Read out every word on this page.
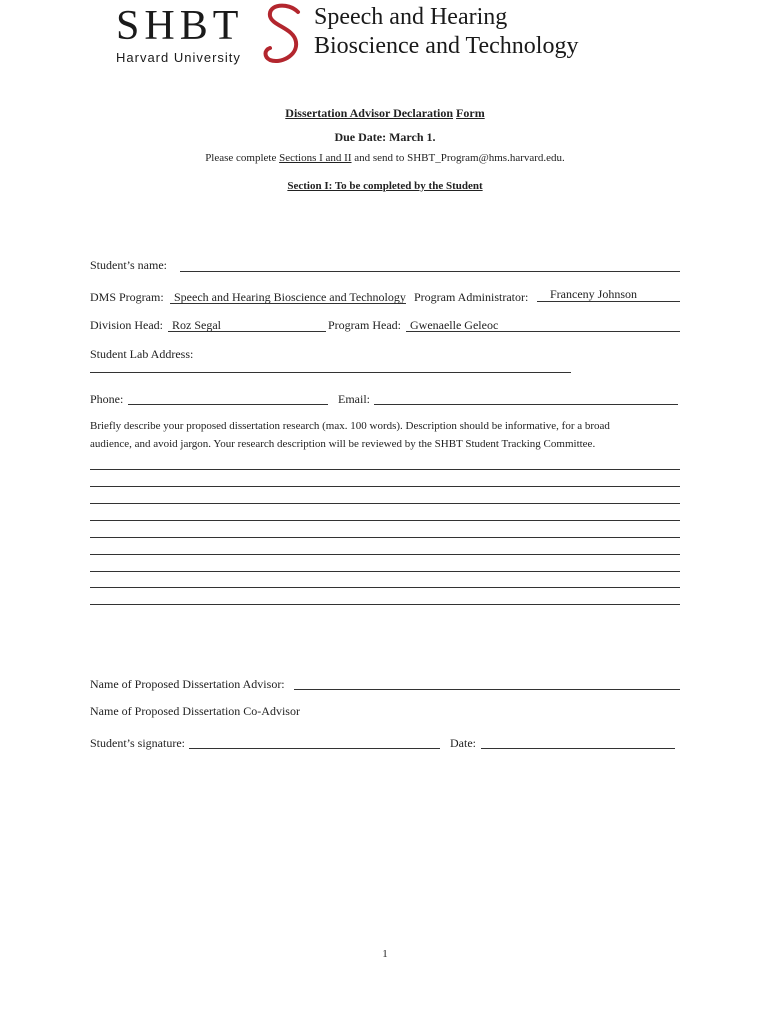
SHBT
Harvard University
Speech and Hearing
Bioscience and Technology
Dissertation Advisor Declaration Form
Due Date: March 1.
Please complete Sections I and II and send to SHBT_Program@hms.harvard.edu.
Section I: To be completed by the Student
Student’s name:
DMS Program: Speech and Hearing Bioscience and Technology Program Administrator: Franceny Johnson
Division Head: Roz Segal	Program Head: Gwenaelle Geleoc
Student Lab Address:
Phone:	Email:
Briefly describe your proposed dissertation research (max. 100 words). Description should be informative, for a broad
audience, and avoid jargon. Your research description will be reviewed by the SHBT Student Tracking Committee.
Name of Proposed Dissertation Advisor:
Name of Proposed Dissertation Co-Advisor
Student’s signature:	Date:
1
